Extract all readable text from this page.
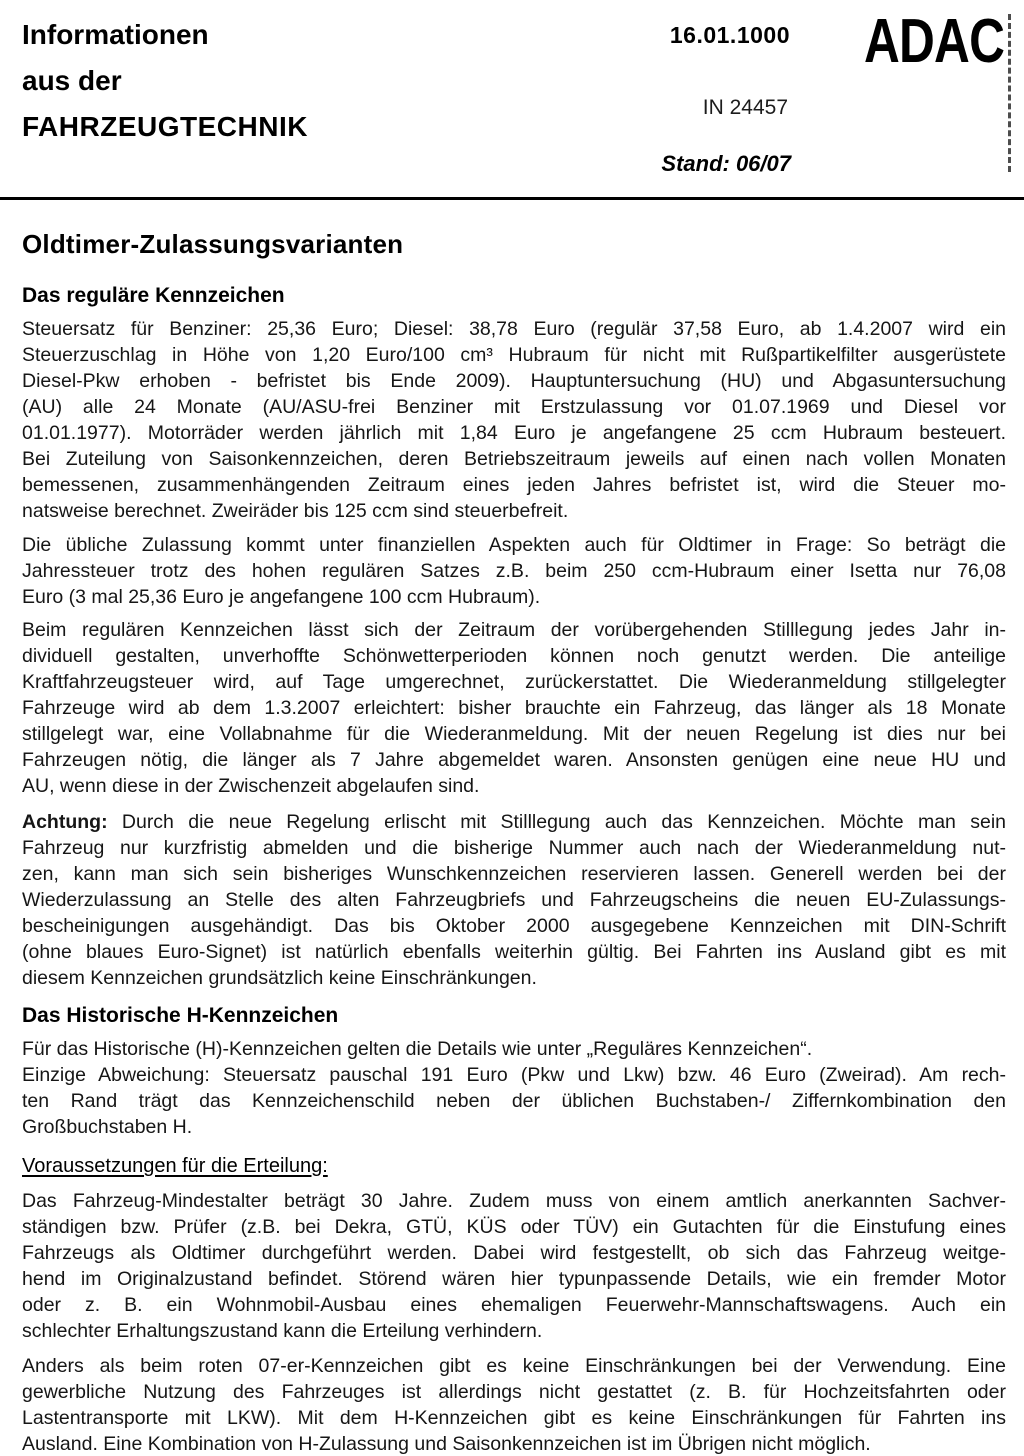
Informationen
aus der
FAHRZEUGTECHNIK
16.01.1000
IN 24457
Stand: 06/07
ADAC
Oldtimer-Zulassungsvarianten
Das reguläre Kennzeichen
Steuersatz für Benziner: 25,36 Euro; Diesel: 38,78 Euro (regulär 37,58 Euro, ab 1.4.2007 wird ein
Steuerzuschlag in Höhe von 1,20 Euro/100 cm³ Hubraum für nicht mit Rußpartikelfilter ausgerüstete
Diesel-Pkw erhoben - befristet bis Ende 2009). Hauptuntersuchung (HU) und Abgasuntersuchung
(AU) alle 24 Monate (AU/ASU-frei Benziner mit Erstzulassung vor 01.07.1969 und Diesel vor
01.01.1977). Motorräder werden jährlich mit 1,84 Euro je angefangene 25 ccm Hubraum besteuert.
Bei Zuteilung von Saisonkennzeichen, deren Betriebszeitraum jeweils auf einen nach vollen Monaten
bemessenen, zusammenhängenden Zeitraum eines jeden Jahres befristet ist, wird die Steuer mo-
natsweise berechnet. Zweiräder bis 125 ccm sind steuerbefreit.
Die übliche Zulassung kommt unter finanziellen Aspekten auch für Oldtimer in Frage: So beträgt die
Jahressteuer trotz des hohen regulären Satzes z.B. beim 250 ccm-Hubraum einer Isetta nur 76,08
Euro (3 mal 25,36 Euro je angefangene 100 ccm Hubraum).
Beim regulären Kennzeichen lässt sich der Zeitraum der vorübergehenden Stilllegung jedes Jahr in-
dividuell gestalten, unverhoffte Schönwetterperioden können noch genutzt werden. Die anteilige
Kraftfahrzeugsteuer wird, auf Tage umgerechnet, zurückerstattet. Die Wiederanmeldung stillgelegter
Fahrzeuge wird ab dem 1.3.2007 erleichtert: bisher brauchte ein Fahrzeug, das länger als 18 Monate
stillgelegt war, eine Vollabnahme für die Wiederanmeldung. Mit der neuen Regelung ist dies nur bei
Fahrzeugen nötig, die länger als 7 Jahre abgemeldet waren. Ansonsten genügen eine neue HU und
AU, wenn diese in der Zwischenzeit abgelaufen sind.
Achtung: Durch die neue Regelung erlischt mit Stilllegung auch das Kennzeichen. Möchte man sein
Fahrzeug nur kurzfristig abmelden und die bisherige Nummer auch nach der Wiederanmeldung nut-
zen, kann man sich sein bisheriges Wunschkennzeichen reservieren lassen. Generell werden bei der
Wiederzulassung an Stelle des alten Fahrzeugbriefs und Fahrzeugscheins die neuen EU-Zulassungs-
bescheinigungen ausgehändigt. Das bis Oktober 2000 ausgegebene Kennzeichen mit DIN-Schrift
(ohne blaues Euro-Signet) ist natürlich ebenfalls weiterhin gültig. Bei Fahrten ins Ausland gibt es mit
diesem Kennzeichen grundsätzlich keine Einschränkungen.
Das Historische H-Kennzeichen
Für das Historische (H)-Kennzeichen gelten die Details wie unter „Reguläres Kennzeichen“.
Einzige Abweichung: Steuersatz pauschal 191 Euro (Pkw und Lkw) bzw. 46 Euro (Zweirad). Am rech-
ten Rand trägt das Kennzeichenschild neben der üblichen Buchstaben-/ Ziffernkombination den
Großbuchstaben H.
Voraussetzungen für die Erteilung:
Das Fahrzeug-Mindestalter beträgt 30 Jahre. Zudem muss von einem amtlich anerkannten Sachver-
ständigen bzw. Prüfer (z.B. bei Dekra, GTÜ, KÜS oder TÜV) ein Gutachten für die Einstufung eines
Fahrzeugs als Oldtimer durchgeführt werden. Dabei wird festgestellt, ob sich das Fahrzeug weitge-
hend im Originalzustand befindet. Störend wären hier typunpassende Details, wie ein fremder Motor
oder z. B. ein Wohnmobil-Ausbau eines ehemaligen Feuerwehr-Mannschaftswagens. Auch ein
schlechter Erhaltungszustand kann die Erteilung verhindern.
Anders als beim roten 07-er-Kennzeichen gibt es keine Einschränkungen bei der Verwendung. Eine
gewerbliche Nutzung des Fahrzeuges ist allerdings nicht gestattet (z. B. für Hochzeitsfahrten oder
Lastentransporte mit LKW). Mit dem H-Kennzeichen gibt es keine Einschränkungen für Fahrten ins
Ausland. Eine Kombination von H-Zulassung und Saisonkennzeichen ist im Übrigen nicht möglich.
